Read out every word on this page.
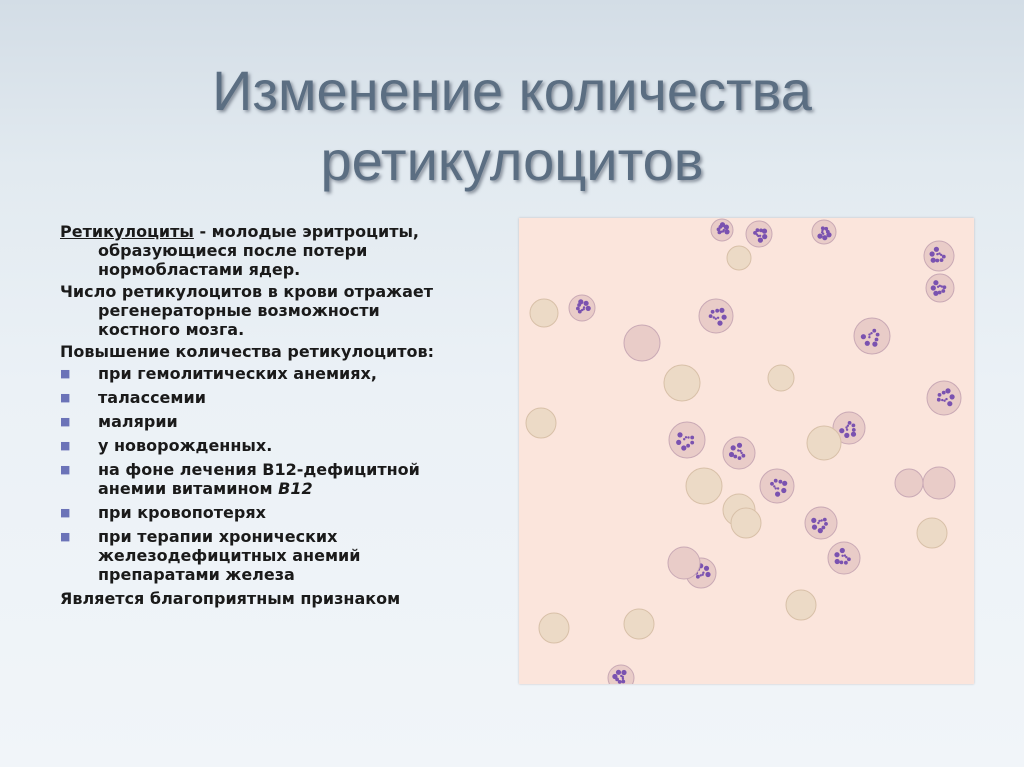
Изменение количества
ретикулоцитов
Ретикулоциты - молодые эритроциты,
образующиеся после потери
нормобластами ядер.
Число ретикулоцитов в крови отражает
регенераторные возможности
костного мозга.
Повышение количества ретикулоцитов:
■	при гемолитических анемиях,
■	талассемии
■	малярии
■	у новорожденных.
■	на фоне лечения В12-дефицитной
анемии витамином В12
■	при кровопотерях
■	при терапии хронических
железодефицитных анемий
препаратами железа
Является благоприятным признаком
